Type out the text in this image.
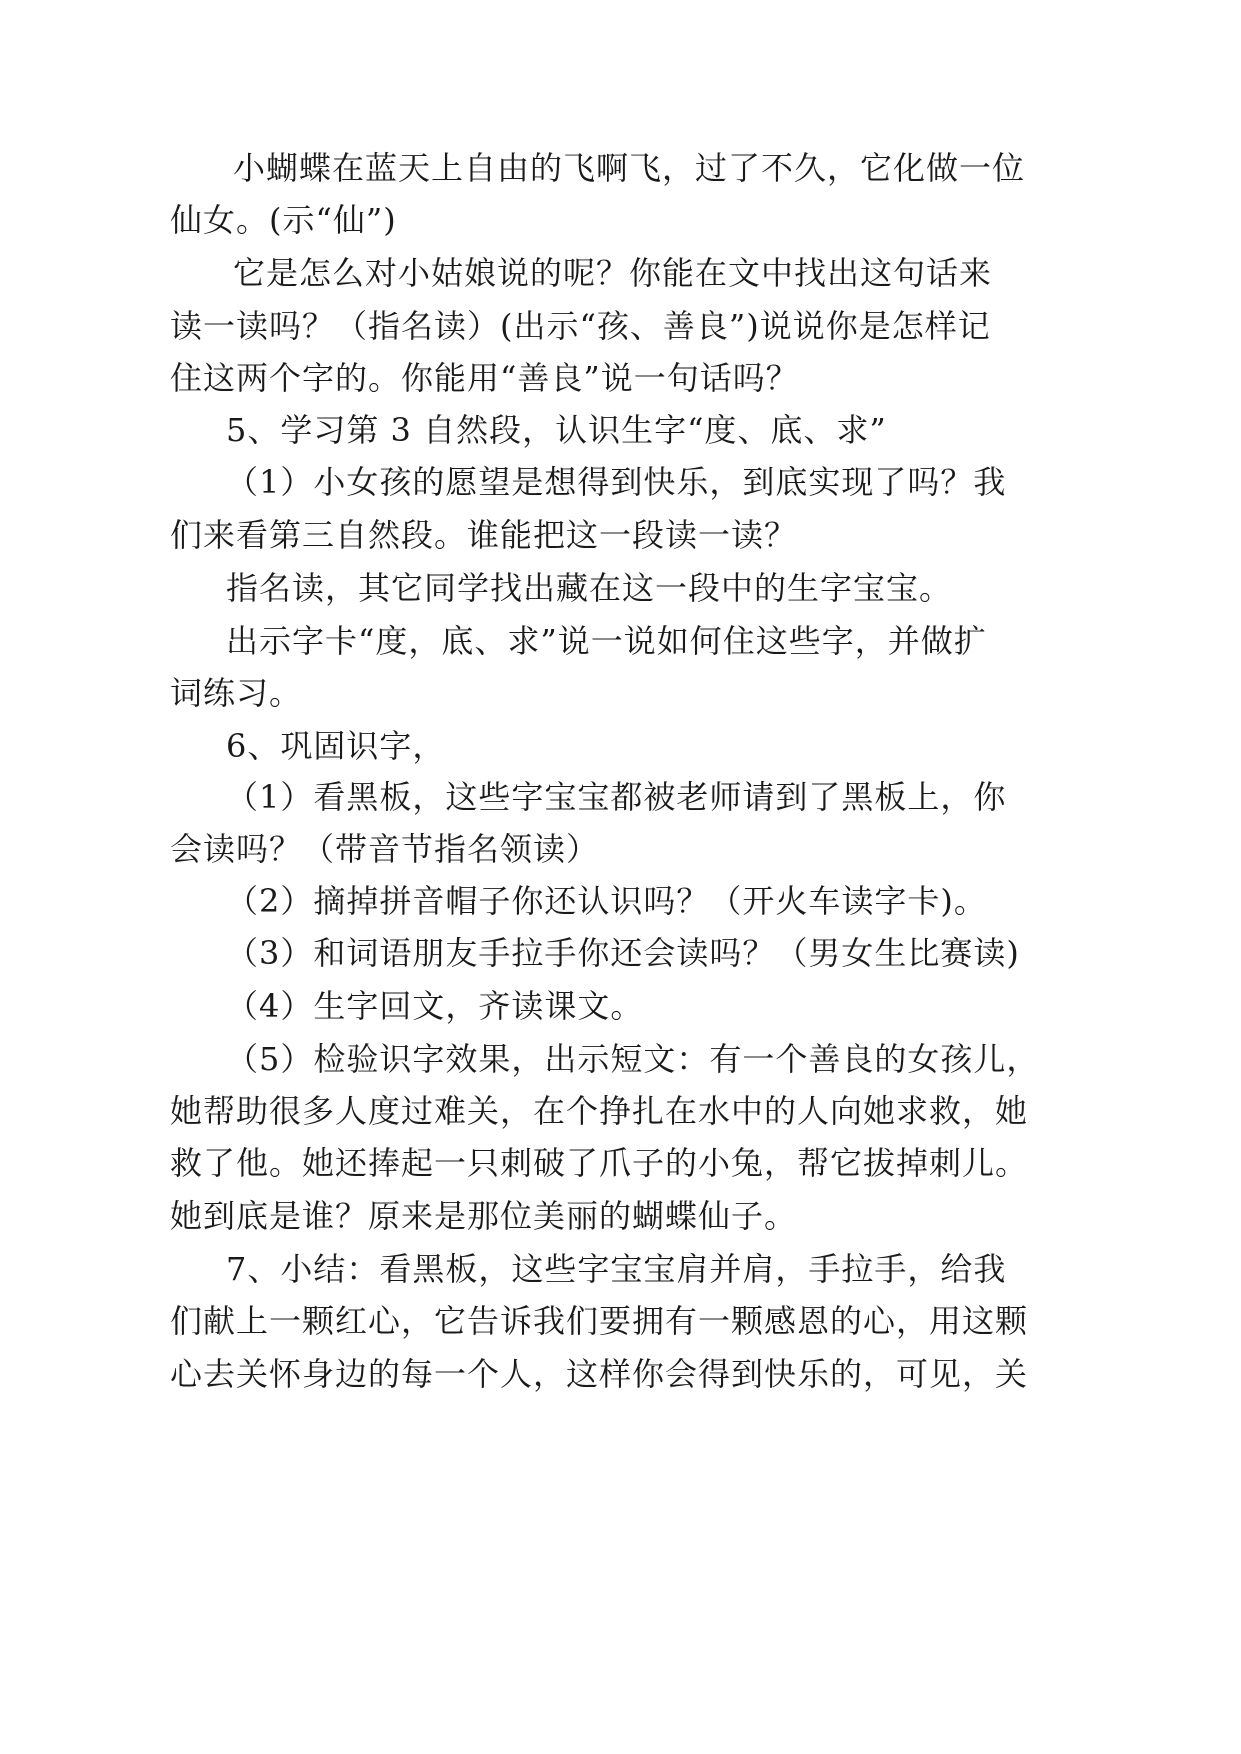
小蝴蝶在蓝天上自由的飞啊飞，过了不久，它化做一位
仙女。(示“仙”)
它是怎么对小姑娘说的呢？你能在文中找出这句话来
读一读吗？（指名读）(出示“孩、善良”)说说你是怎样记
住这两个字的。你能用“善良”说一句话吗？
5、学习第 3 自然段，认识生字“度、底、求”
（1）小女孩的愿望是想得到快乐，到底实现了吗？我
们来看第三自然段。谁能把这一段读一读？
指名读，其它同学找出藏在这一段中的生字宝宝。
出示字卡“度，底、求”说一说如何住这些字，并做扩
词练习。
6、巩固识字，
（1）看黑板，这些字宝宝都被老师请到了黑板上，你
会读吗？（带音节指名领读）
（2）摘掉拼音帽子你还认识吗？（开火车读字卡)。
（3）和词语朋友手拉手你还会读吗？（男女生比赛读)
（4）生字回文，齐读课文。
（5）检验识字效果，出示短文：有一个善良的女孩儿，
她帮助很多人度过难关，在个挣扎在水中的人向她求救，她
救了他。她还捧起一只刺破了爪子的小兔，帮它拔掉刺儿。
她到底是谁？原来是那位美丽的蝴蝶仙子。
7、小结：看黑板，这些字宝宝肩并肩，手拉手，给我
们献上一颗红心，它告诉我们要拥有一颗感恩的心，用这颗
心去关怀身边的每一个人，这样你会得到快乐的，可见，关
